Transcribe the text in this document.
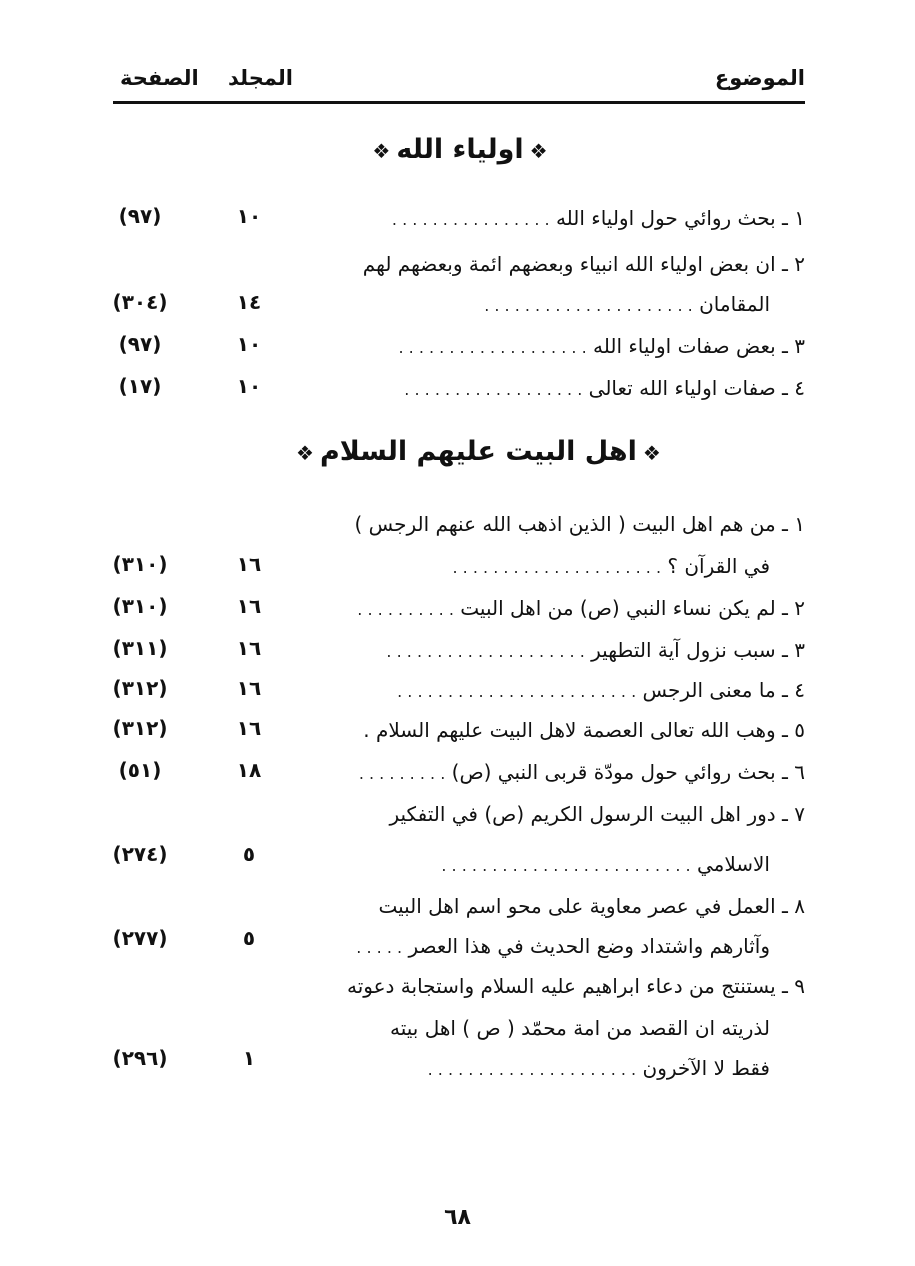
الموضوع
المجلد
الصفحة
❖ اولياء الله ❖
١ ـ بحث روائي حول اولياء الله . . . . . . . . . . . . . . . .
١٠
(٩٧)
٢ ـ ان بعض اولياء الله انبياء وبعضهم ائمة وبعضهم لهم
المقامان . . . . . . . . . . . . . . . . . . . . .
١٤
(٣٠٤)
٣ ـ بعض صفات اولياء الله . . . . . . . . . . . . . . . . . . .
١٠
(٩٧)
٤ ـ صفات اولياء الله تعالى . . . . . . . . . . . . . . . . . .
١٠
(١٧)
❖ اهل البيت عليهم السلام ❖
١ ـ من هم اهل البيت ( الذين اذهب الله عنهم الرجس )
في القرآن ؟ . . . . . . . . . . . . . . . . . . . . .
١٦
(٣١٠)
٢ ـ لم يكن نساء النبي (ص) من اهل البيت . . . . . . . . . .
١٦
(٣١٠)
٣ ـ سبب نزول آية التطهير . . . . . . . . . . . . . . . . . . . .
١٦
(٣١١)
٤ ـ ما معنى الرجس . . . . . . . . . . . . . . . . . . . . . . . .
١٦
(٣١٢)
٥ ـ وهب الله تعالى العصمة لاهل البيت عليهم السلام .
١٦
(٣١٢)
٦ ـ بحث روائي حول مودّة قربى النبي (ص) . . . . . . . . .
١٨
(٥١)
٧ ـ دور اهل البيت الرسول الكريم (ص) في التفكير
الاسلامي . . . . . . . . . . . . . . . . . . . . . . . . .
٥
(٢٧٤)
٨ ـ العمل في عصر معاوية على محو اسم اهل البيت
وآثارهم واشتداد وضع الحديث في هذا العصر . . . . .
٥
(٢٧٧)
٩ ـ يستنتج من دعاء ابراهيم عليه السلام واستجابة دعوته
لذريته ان القصد من امة محمّد ( ص ) اهل بيته
فقط لا الآخرون . . . . . . . . . . . . . . . . . . . . .
١
(٢٩٦)
٦٨
